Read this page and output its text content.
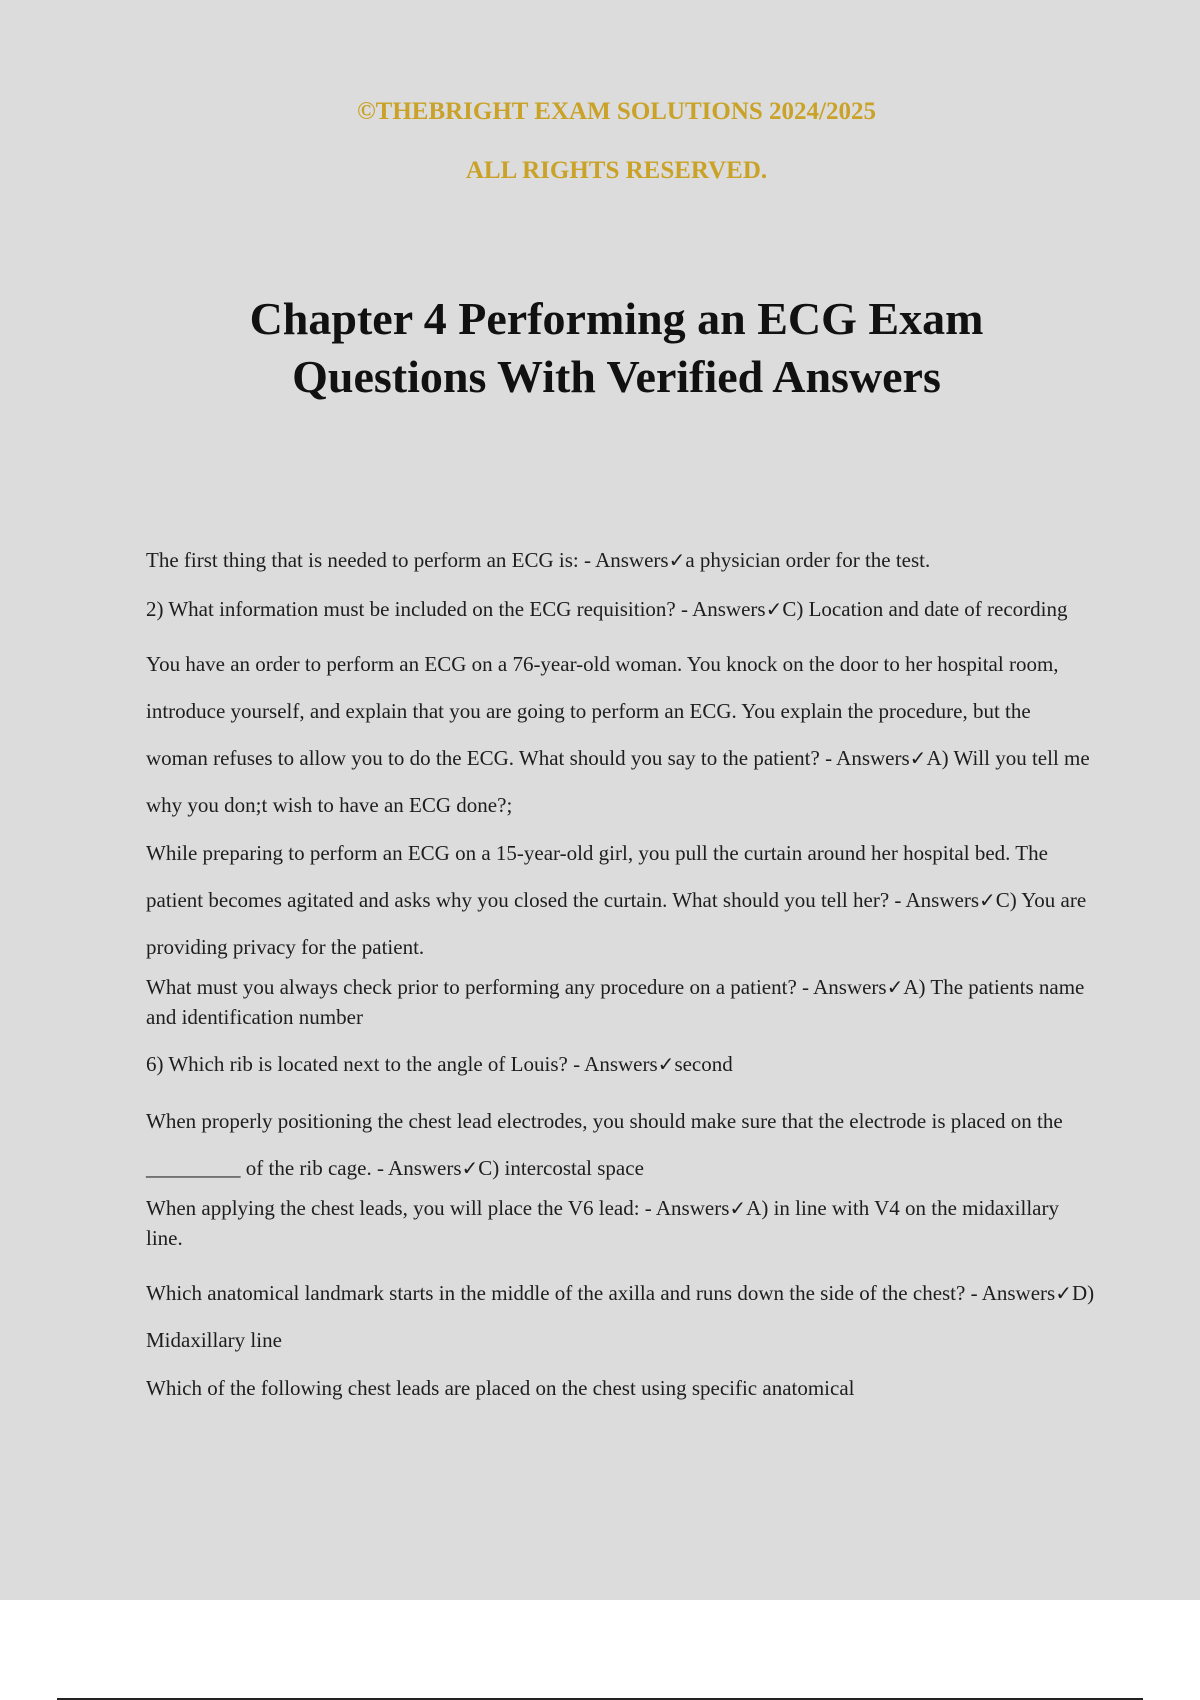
©THEBRIGHT EXAM SOLUTIONS 2024/2025

ALL RIGHTS RESERVED.

Chapter 4 Performing an ECG Exam
Questions With Verified Answers

The first thing that is needed to perform an ECG is: - Answers✓a physician order for the test.

2) What information must be included on the ECG requisition? - Answers✓C) Location and date of recording

You have an order to perform an ECG on a 76-year-old woman. You knock on the door to her hospital room, introduce yourself, and explain that you are going to perform an ECG. You explain the procedure, but the woman refuses to allow you to do the ECG. What should you say to the patient? - Answers✓A) Will you tell me why you don;t wish to have an ECG done?;

While preparing to perform an ECG on a 15-year-old girl, you pull the curtain around her hospital bed. The patient becomes agitated and asks why you closed the curtain. What should you tell her? - Answers✓C) You are providing privacy for the patient.

What must you always check prior to performing any procedure on a patient? - Answers✓A) The patients name and identification number

6) Which rib is located next to the angle of Louis? - Answers✓second

When properly positioning the chest lead electrodes, you should make sure that the electrode is placed on the _________ of the rib cage. - Answers✓C) intercostal space

When applying the chest leads, you will place the V6 lead: - Answers✓A) in line with V4 on the midaxillary line.

Which anatomical landmark starts in the middle of the axilla and runs down the side of the chest? - Answers✓D) Midaxillary line

Which of the following chest leads are placed on the chest using specific anatomical
